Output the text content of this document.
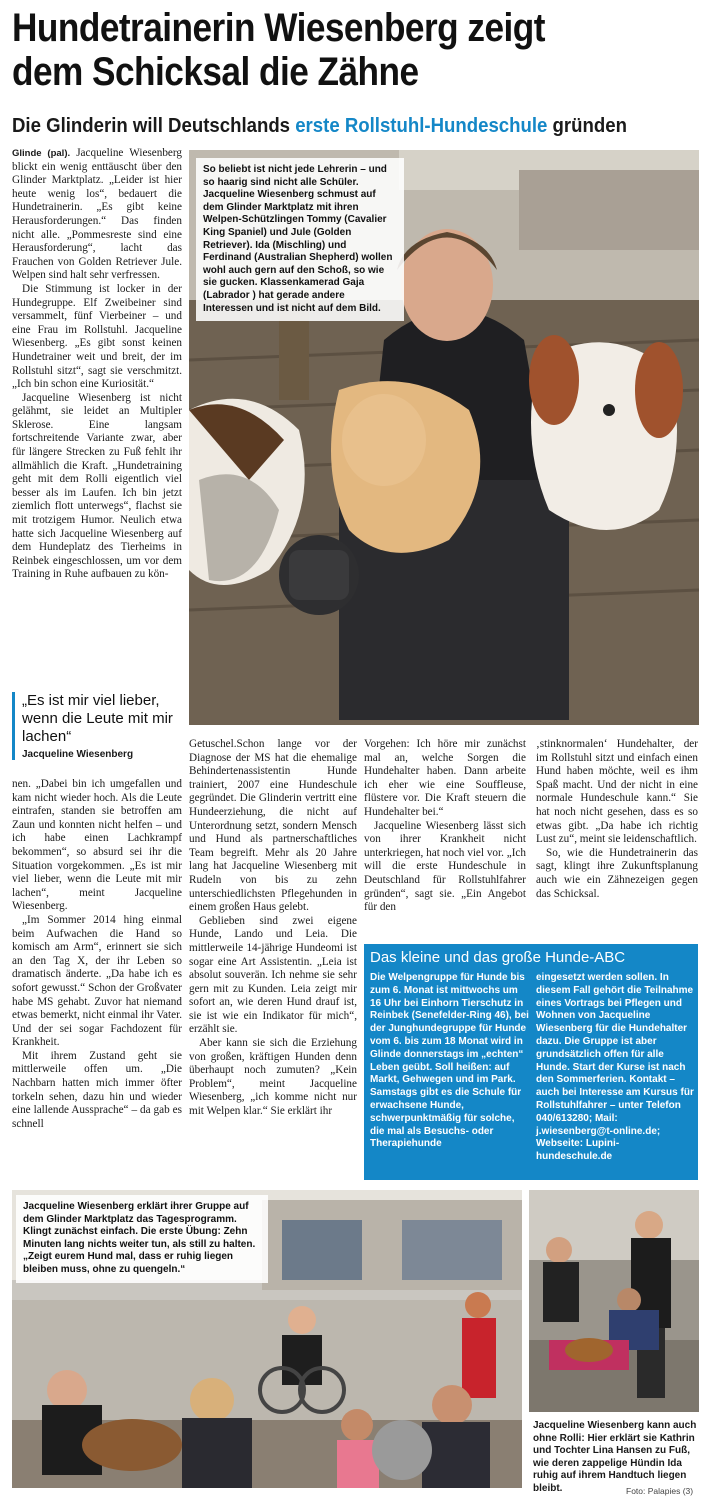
Hundetrainerin Wiesenberg zeigt
dem Schicksal die Zähne
Die Glinderin will Deutschlands erste Rollstuhl-Hundeschule gründen

Glinde (pal). Jacqueline Wiesenberg blickt ein wenig enttäuscht über den Glinder Marktplatz. „Leider ist hier heute wenig los“, bedauert die Hundetrainerin. „Es gibt keine Herausforderungen.“ Das finden nicht alle. „Pommesreste sind eine Herausforderung“, lacht das Frauchen von Golden Retriever Jule. Welpen sind halt sehr verfressen.

Die Stimmung ist locker in der Hundegruppe. Elf Zweibeiner sind versammelt, fünf Vierbeiner – und eine Frau im Rollstuhl. Jacqueline Wiesenberg. „Es gibt sonst keinen Hundetrainer weit und breit, der im Rollstuhl sitzt“, sagt sie verschmitzt. „Ich bin schon eine Kuriosität.“

Jacqueline Wiesenberg ist nicht gelähmt, sie leidet an Multipler Sklerose. Eine langsam fortschreitende Variante zwar, aber für längere Strecken zu Fuß fehlt ihr allmählich die Kraft. „Hundetraining geht mit dem Rolli eigentlich viel besser als im Laufen. Ich bin jetzt ziemlich flott unterwegs“, flachst sie mit trotzigem Humor. Neulich etwa hatte sich Jacqueline Wiesenberg auf dem Hundeplatz des Tierheims in Reinbek eingeschlossen, um vor dem Training in Ruhe aufbauen zu kön-

„Es ist mir viel lieber, wenn die Leute mit mir lachen“
Jacqueline Wiesenberg

nen. „Dabei bin ich umgefallen und kam nicht wieder hoch. Als die Leute eintrafen, standen sie betroffen am Zaun und konnten nicht helfen – und ich habe einen Lachkrampf bekommen“, so absurd sei ihr die Situation vorgekommen. „Es ist mir viel lieber, wenn die Leute mit mir lachen“, meint Jacqueline Wiesenberg.

„Im Sommer 2014 hing einmal beim Aufwachen die Hand so komisch am Arm“, erinnert sie sich an den Tag X, der ihr Leben so dramatisch änderte. „Da habe ich es sofort gewusst.“ Schon der Großvater habe MS gehabt. Zuvor hat niemand etwas bemerkt, nicht einmal ihr Vater. Und der sei sogar Fachdozent für Krankheit.

Mit ihrem Zustand geht sie mittlerweile offen um. „Die Nachbarn hatten mich immer öfter torkeln sehen, dazu hin und wieder eine lallende Aussprache“ – da gab es schnell

So beliebt ist nicht jede Lehrerin – und so haarig sind nicht alle Schüler. Jacqueline Wiesenberg schmust auf dem Glinder Marktplatz mit ihren Welpen-Schützlingen Tommy (Cavalier King Spaniel) und Jule (Golden Retriever). Ida (Mischling) und Ferdinand (Australian Shepherd) wollen wohl auch gern auf den Schoß, so wie sie gucken. Klassenkamerad Gaja (Labrador ) hat gerade andere Interessen und ist nicht auf dem Bild.

Getuschel.Schon lange vor der Diagnose der MS hat die ehemalige Behindertenassistentin Hunde trainiert, 2007 eine Hundeschule gegründet. Die Glinderin vertritt eine Hundeerziehung, die nicht auf Unterordnung setzt, sondern Mensch und Hund als partnerschaftliches Team begreift. Mehr als 20 Jahre lang hat Jacqueline Wiesenberg mit Rudeln von bis zu zehn unterschiedlichsten Pflegehunden in einem großen Haus gelebt.

Geblieben sind zwei eigene Hunde, Lando und Leia. Die mittlerweile 14-jährige Hundeomi ist sogar eine Art Assistentin. „Leia ist absolut souverän. Ich nehme sie sehr gern mit zu Kunden. Leia zeigt mir sofort an, wie deren Hund drauf ist, sie ist wie ein Indikator für mich“, erzählt sie.

Aber kann sie sich die Erziehung von großen, kräftigen Hunden denn überhaupt noch zumuten? „Kein Problem“, meint Jacqueline Wiesenberg, „ich komme nicht nur mit Welpen klar.“ Sie erklärt ihr

Vorgehen: Ich höre mir zunächst mal an, welche Sorgen die Hundehalter haben. Dann arbeite ich eher wie eine Souffleuse, flüstere vor. Die Kraft steuern die Hundehalter bei.“

Jacqueline Wiesenberg lässt sich von ihrer Krankheit nicht unterkriegen, hat noch viel vor. „Ich will die erste Hundeschule in Deutschland für Rollstuhlfahrer gründen“, sagt sie. „Ein Angebot für den

‚stinknormalen‘ Hundehalter, der im Rollstuhl sitzt und einfach einen Hund haben möchte, weil es ihm Spaß macht. Und der nicht in eine normale Hundeschule kann.“ Sie hat noch nicht gesehen, dass es so etwas gibt. „Da habe ich richtig Lust zu“, meint sie leidenschaftlich.

So, wie die Hundetrainerin das sagt, klingt ihre Zukunftsplanung auch wie ein Zähnezeigen gegen das Schicksal.

Das kleine und das große Hunde-ABC

Die Welpengruppe für Hunde bis zum 6. Monat ist mittwochs um 16 Uhr bei Einhorn Tierschutz in Reinbek (Senefelder-Ring 46), bei der Junghundegruppe für Hunde vom 6. bis zum 18 Monat wird in Glinde donnerstags im „echten“ Leben geübt. Soll heißen: auf Markt, Gehwegen und im Park. Samstags gibt es die Schule für erwachsene Hunde, schwerpunktmäßig für solche, die mal als Besuchs- oder Therapiehunde

eingesetzt werden sollen. In diesem Fall gehört die Teilnahme eines Vortrags bei Pflegen und Wohnen von Jacqueline Wiesenberg für die Hundehalter dazu. Die Gruppe ist aber grundsätzlich offen für alle Hunde. Start der Kurse ist nach den Sommerferien. Kontakt – auch bei Interesse am Kursus für Rollstuhlfahrer – unter Telefon 040/613280; Mail: j.wiesenberg@t-online.de; Webseite: Lupini-hundeschule.de

Jacqueline Wiesenberg erklärt ihrer Gruppe auf dem Glinder Marktplatz das Tagesprogramm. Klingt zunächst einfach. Die erste Übung: Zehn Minuten lang nichts weiter tun, als still zu halten. „Zeigt eurem Hund mal, dass er ruhig liegen bleiben muss, ohne zu quengeln.“
Jacqueline Wiesenberg kann auch ohne Rolli: Hier erklärt sie Kathrin und Tochter Lina Hansen zu Fuß, wie deren zappelige Hündin Ida ruhig auf ihrem Handtuch liegen bleibt.	Foto: Palapies (3)
